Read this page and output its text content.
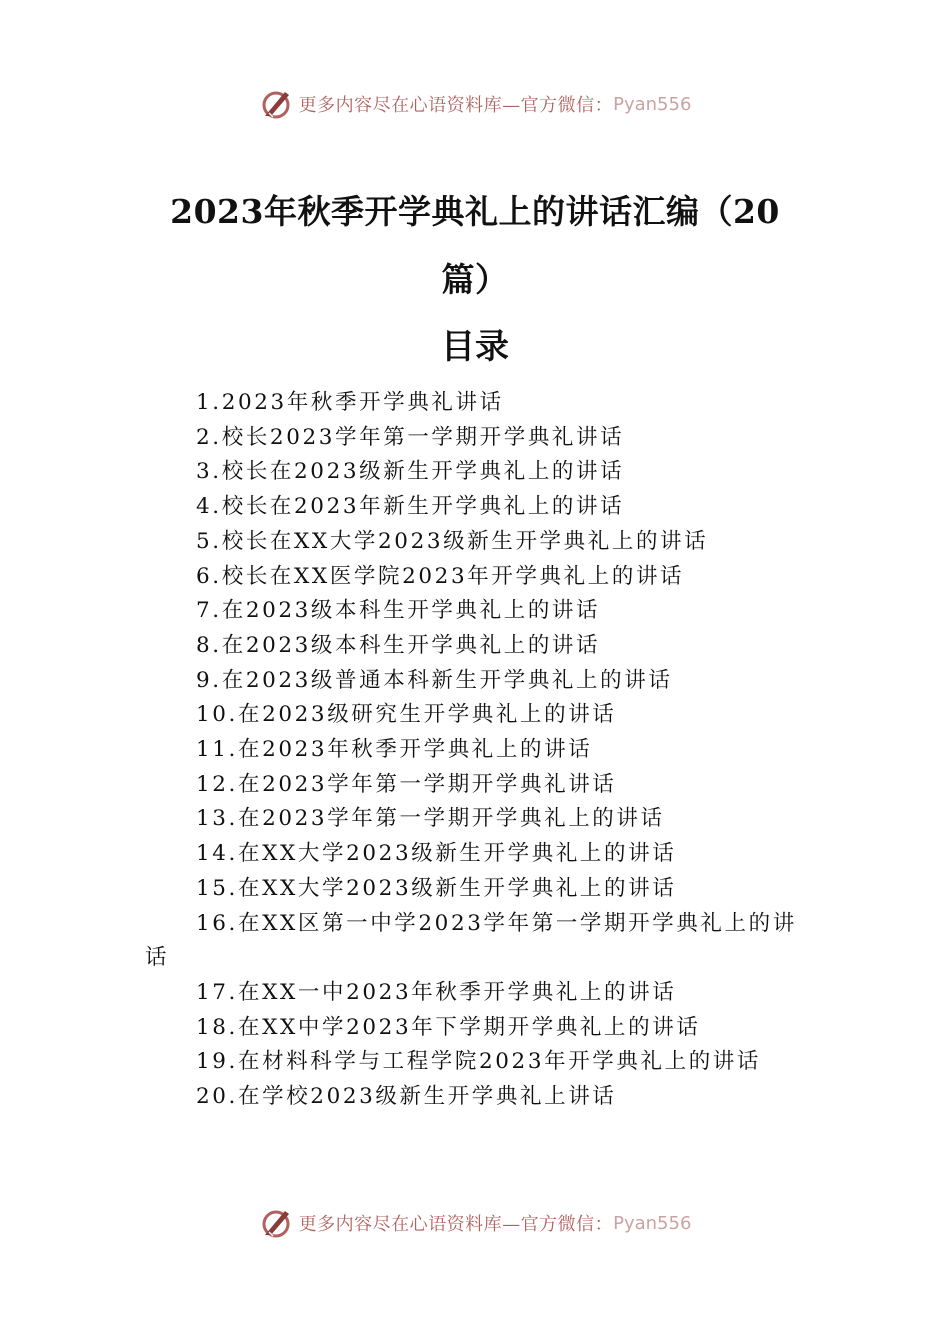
更多内容尽在心语资料库—官方微信： Pyan556
2023年秋季开学典礼上的讲话汇编（20篇）
目录
1.2023年秋季开学典礼讲话
2.校长2023学年第一学期开学典礼讲话
3.校长在2023级新生开学典礼上的讲话
4.校长在2023年新生开学典礼上的讲话
5.校长在XX大学2023级新生开学典礼上的讲话
6.校长在XX医学院2023年开学典礼上的讲话
7.在2023级本科生开学典礼上的讲话
8.在2023级本科生开学典礼上的讲话
9.在2023级普通本科新生开学典礼上的讲话
10.在2023级研究生开学典礼上的讲话
11.在2023年秋季开学典礼上的讲话
12.在2023学年第一学期开学典礼讲话
13.在2023学年第一学期开学典礼上的讲话
14.在XX大学2023级新生开学典礼上的讲话
15.在XX大学2023级新生开学典礼上的讲话
16.在XX区第一中学2023学年第一学期开学典礼上的讲话
17.在XX一中2023年秋季开学典礼上的讲话
18.在XX中学2023年下学期开学典礼上的讲话
19.在材料科学与工程学院2023年开学典礼上的讲话
20.在学校2023级新生开学典礼上讲话
更多内容尽在心语资料库—官方微信： Pyan556
